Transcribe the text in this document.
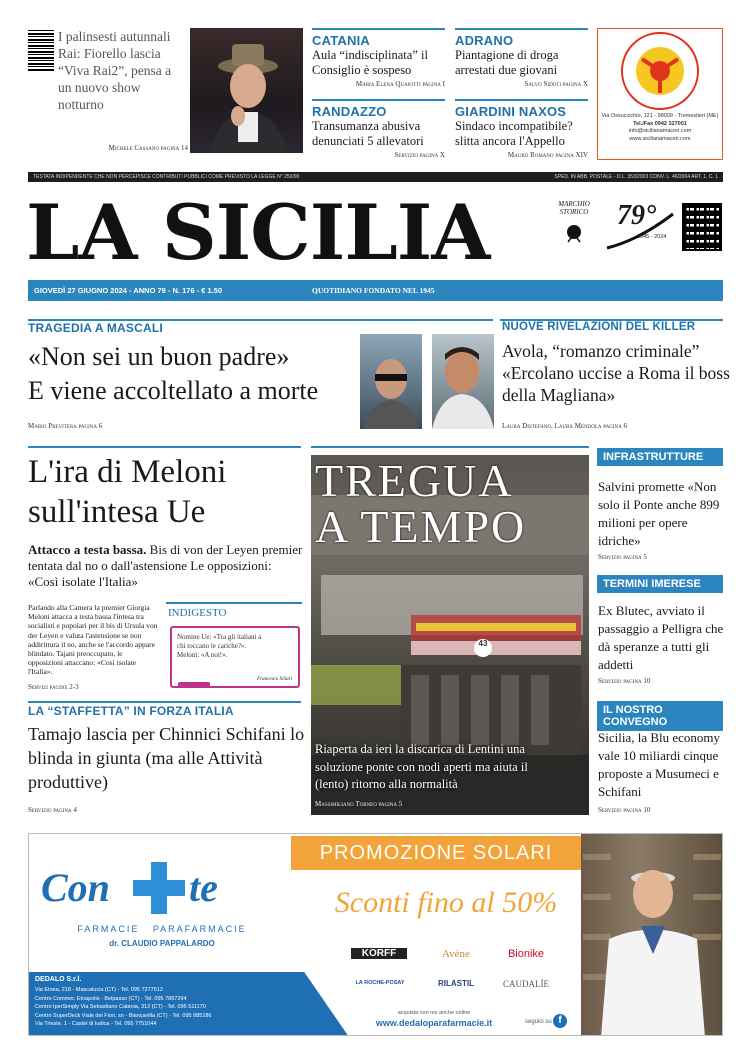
I palinsesti autunnali Rai: Fiorello lascia “Viva Rai2”, pensa a un nuovo show notturno
Michele Cassano pagina 14
CATANIA
Aula “indisciplinata” il Consiglio è sospeso
Maria Elena Quaiotti pagina I
ADRANO
Piantagione di droga arrestati due giovani
Salvo Sidoti pagina X
RANDAZZO
Transumanza abusiva denunciati 5 allevatori
Servizio pagina X
GIARDINI NAXOS
Sindaco incompatibile? slitta ancora l'Appello
Mauro Romano pagina XIV
Via Ossuccichio, 121 - 98009 - Tremestieri (ME)
Tel./Fax 0942 327001
info@sicilianamaceri.com
www.sicilianamaceri.com
TESTATA INDIPENDENTE CHE NON PERCEPISCE CONTRIBUTI PUBBLICI COME PREVISTO LA LEGGE N° 250/90	SPED. IN ABB. POSTALE - D.L. 353/2003 CONV. L. 46/2004 ART. 1, C. 1
LA SICILIA	MARCHIO STORICO	79°
1945 - 2024
GIOVEDÌ 27 GIUGNO 2024 - ANNO 79 - N. 176 - € 1.50	QUOTIDIANO FONDATO NEL 1945
TRAGEDIA A MASCALI
«Non sei un buon padre»
E viene accoltellato a morte
Mario Previtera pagina 6
NUOVE RIVELAZIONI DEL KILLER
Avola, “romanzo criminale” «Ercolano uccise a Roma il boss della Magliana»
Laura Distefano, Laura Mendola pagina 6
L'ira di Meloni sull'intesa Ue
Attacco a testa bassa. Bis di von der Leyen premier tentata dal no o dall'astensione Le opposizioni: «Così isolate l'Italia»
Parlando alla Camera la premier Giorgia Meloni attacca a testa bassa l'intesa tra socialisti e popolari per il bis di Ursula von der Leyen e valuta l'astensione se non addirittura il no, anche se l'accordo appare blindato. Tajani preoccupato, le opposizioni attaccano: «Così isolate l'Italia».
Servizi pagine 2-3
INDIGESTO
Nomine Ue: «Tra gli italiani a chi toccano le cariche?». Meloni: «A noi!».
Francesco Siliari
LA “STAFFETTA” IN FORZA ITALIA
Tamajo lascia per Chinnici Schifani lo blinda in giunta (ma alle Attività produttive)
Servizio pagina 4
43
TREGUA
A TEMPO
Riaperta da ieri la discarica di Lentini una soluzione ponte con nodi aperti ma aiuta il (lento) ritorno alla normalità
Massimiliano Torneo pagina 5
INFRASTRUTTURE
Salvini promette «Non solo il Ponte anche 899 milioni per opere idriche»
Servizio pagina 5
TERMINI IMERESE
Ex Blutec, avviato il passaggio a Pelligra che dà speranze a tutti gli addetti
Servizio pagina 10
IL NOSTRO CONVEGNO
Sicilia, la Blu economy vale 10 miliardi cinque proposte a Musumeci e Schifani
Servizio pagina 10
Con te
FARMACIE   PARAFARMACIE
dr. CLAUDIO PAPPALARDO
DEDALO S.r.l.
Via Etnea, 218 - Mascalucia (CT) - Tel. 095 7277512
Centro Commer. Etnapolis - Belpasso (CT) - Tel. 095 7867294
Centro IperSimply Via Sebastiano Catania, 312 (CT) - Tel. 095 511170
Centro SuperDeck Viale dei Fiori, sn - Biancavilla (CT) - Tel. 095 985186
Via Trieste, 1 - Castel di Iudica - Tel. 095 7751044
PROMOZIONE SOLARI
Sconti fino al 50%
KORFF	Avène	Bionike
LA ROCHE-POSAY	RILASTIL	CAUDALÍE
acquista con noi anche online
www.dedaloparafarmacie.it	seguici su f
